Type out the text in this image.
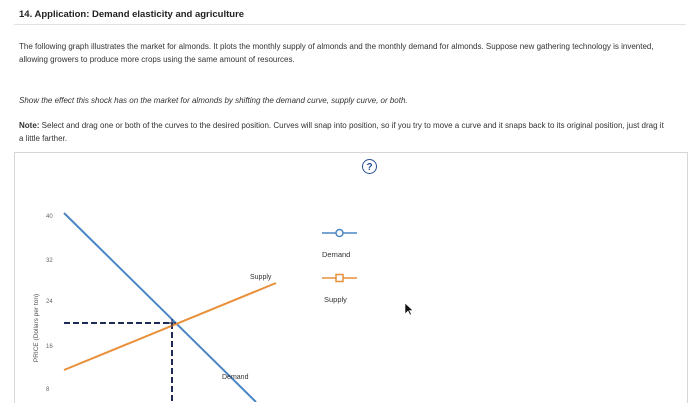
14. Application: Demand elasticity and agriculture
The following graph illustrates the market for almonds. It plots the monthly supply of almonds and the monthly demand for almonds. Suppose new gathering technology is invented, allowing growers to produce more crops using the same amount of resources.
Show the effect this shock has on the market for almonds by shifting the demand curve, supply curve, or both.
Note: Select and drag one or both of the curves to the desired position. Curves will snap into position, so if you try to move a curve and it snaps back to its original position, just drag it a little farther.
?
PRICE (Dollars per ton)
40
32
24
16
8
Supply
Demand
Demand
Supply
